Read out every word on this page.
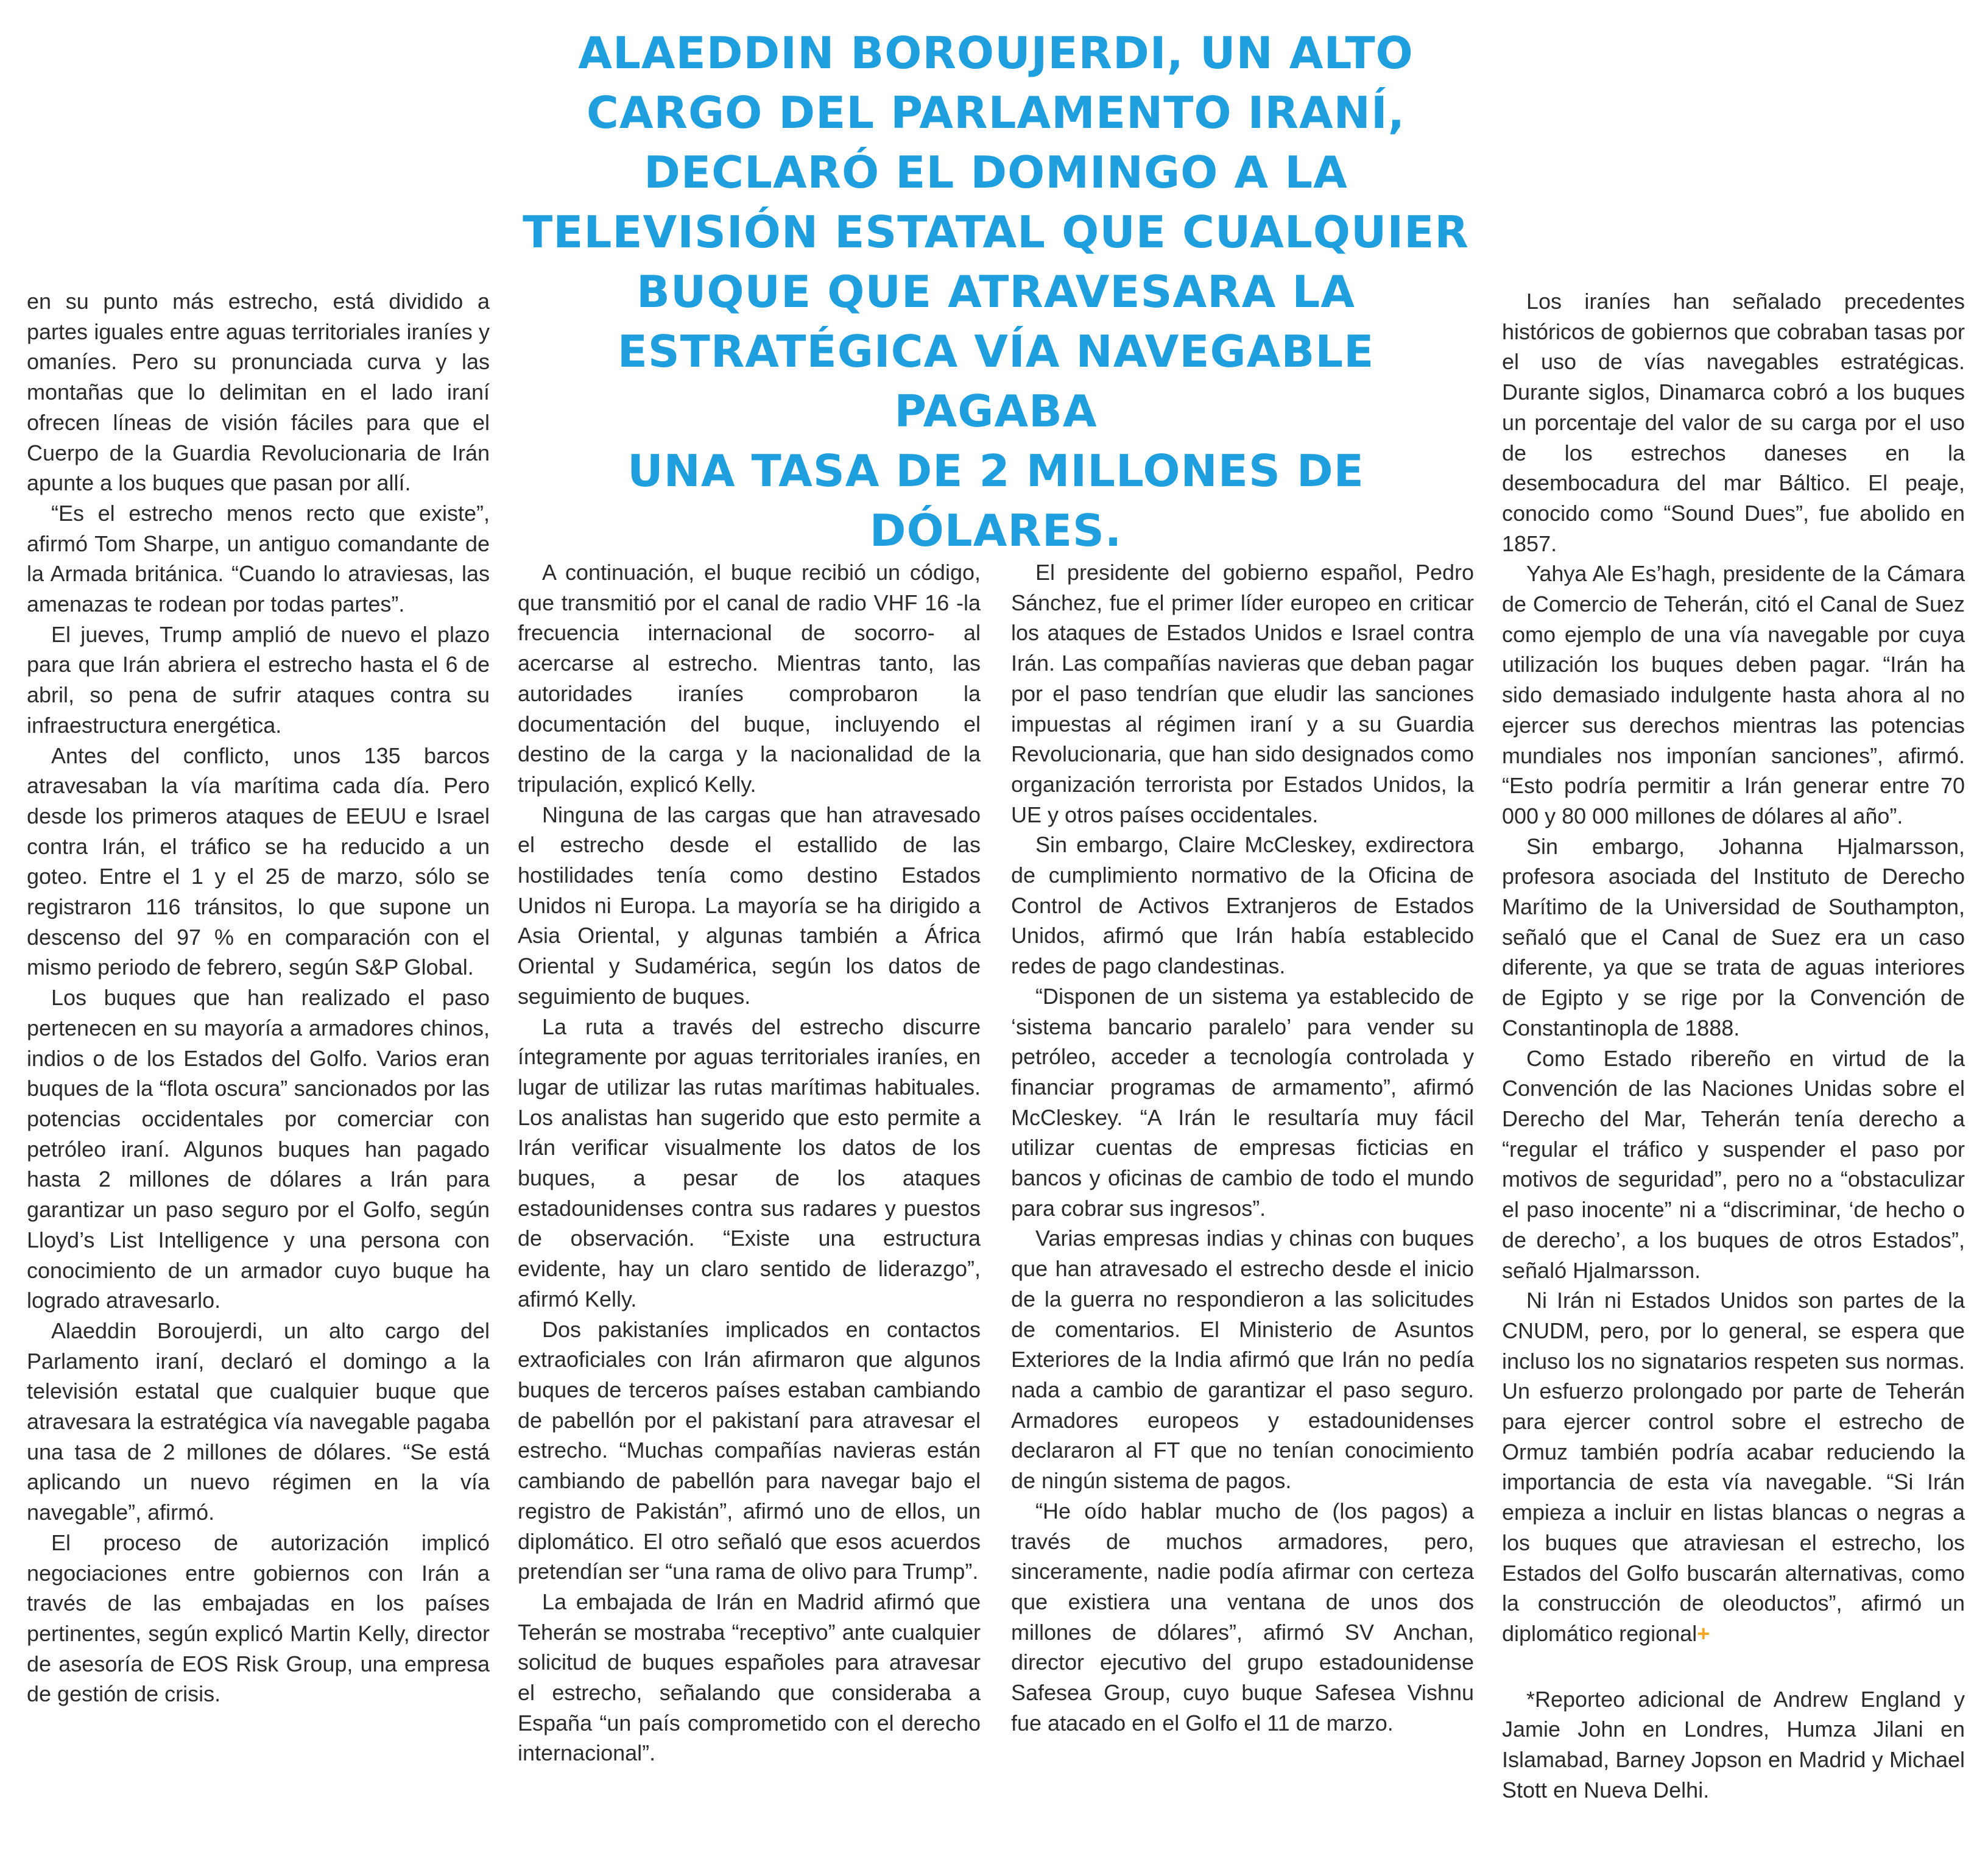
ALAEDDIN BOROUJERDI, UN ALTO

CARGO DEL PARLAMENTO IRANÍ,

DECLARÓ EL DOMINGO A LA

TELEVISIÓN ESTATAL QUE CUALQUIER

BUQUE QUE ATRAVESARA LA

ESTRATÉGICA VÍA NAVEGABLE PAGABA

UNA TASA DE 2 MILLONES DE DÓLARES.

en su punto más estrecho, está dividido a partes iguales entre aguas territoriales iraníes y omaníes. Pero su pronunciada curva y las montañas que lo delimitan en el lado iraní ofrecen líneas de visión fáciles para que el Cuerpo de la Guardia Revolucionaria de Irán apunte a los buques que pasan por allí.

“Es el estrecho menos recto que existe”, afirmó Tom Sharpe, un antiguo comandante de la Armada británica. “Cuando lo atraviesas, las amenazas te rodean por todas partes”.

El jueves, Trump amplió de nuevo el plazo para que Irán abriera el estrecho hasta el 6 de abril, so pena de sufrir ataques contra su infraestructura energética.

Antes del conflicto, unos 135 barcos atravesaban la vía marítima cada día. Pero desde los primeros ataques de EEUU e Israel contra Irán, el tráfico se ha reducido a un goteo. Entre el 1 y el 25 de marzo, sólo se registraron 116 tránsitos, lo que supone un descenso del 97 % en comparación con el mismo periodo de febrero, según S&P Global.

Los buques que han realizado el paso pertenecen en su mayoría a armadores chinos, indios o de los Estados del Golfo. Varios eran buques de la “flota oscura” sancionados por las potencias occidentales por comerciar con petróleo iraní. Algunos buques han pagado hasta 2 millones de dólares a Irán para garantizar un paso seguro por el Golfo, según Lloyd’s List Intelligence y una persona con conocimiento de un armador cuyo buque ha logrado atravesarlo.

Alaeddin Boroujerdi, un alto cargo del Parlamento iraní, declaró el domingo a la televisión estatal que cualquier buque que atravesara la estratégica vía navegable pagaba una tasa de 2 millones de dólares. “Se está aplicando un nuevo régimen en la vía navegable”, afirmó.

El proceso de autorización implicó negociaciones entre gobiernos con Irán a través de las embajadas en los países pertinentes, según explicó Martin Kelly, director de asesoría de EOS Risk Group, una empresa de gestión de crisis.

A continuación, el buque recibió un código, que transmitió por el canal de radio VHF 16 -la frecuencia internacional de socorro- al acercarse al estrecho. Mientras tanto, las autoridades iraníes comprobaron la documentación del buque, incluyendo el destino de la carga y la nacionalidad de la tripulación, explicó Kelly.

Ninguna de las cargas que han atravesado el estrecho desde el estallido de las hostilidades tenía como destino Estados Unidos ni Europa. La mayoría se ha dirigido a Asia Oriental, y algunas también a África Oriental y Sudamérica, según los datos de seguimiento de buques.

La ruta a través del estrecho discurre íntegramente por aguas territoriales iraníes, en lugar de utilizar las rutas marítimas habituales. Los analistas han sugerido que esto permite a Irán verificar visualmente los datos de los buques, a pesar de los ataques estadounidenses contra sus radares y puestos de observación. “Existe una estructura evidente, hay un claro sentido de liderazgo”, afirmó Kelly.

Dos pakistaníes implicados en contactos extraoficiales con Irán afirmaron que algunos buques de terceros países estaban cambiando de pabellón por el pakistaní para atravesar el estrecho. “Muchas compañías navieras están cambiando de pabellón para navegar bajo el registro de Pakistán”, afirmó uno de ellos, un diplomático. El otro señaló que esos acuerdos pretendían ser “una rama de olivo para Trump”.

La embajada de Irán en Madrid afirmó que Teherán se mostraba “receptivo” ante cualquier solicitud de buques españoles para atravesar el estrecho, señalando que consideraba a España “un país comprometido con el derecho internacional”.

El presidente del gobierno español, Pedro Sánchez, fue el primer líder europeo en criticar los ataques de Estados Unidos e Israel contra Irán. Las compañías navieras que deban pagar por el paso tendrían que eludir las sanciones impuestas al régimen iraní y a su Guardia Revolucionaria, que han sido designados como organización terrorista por Estados Unidos, la UE y otros países occidentales.

Sin embargo, Claire McCleskey, exdirectora de cumplimiento normativo de la Oficina de Control de Activos Extranjeros de Estados Unidos, afirmó que Irán había establecido redes de pago clandestinas.

“Disponen de un sistema ya establecido de ‘sistema bancario paralelo’ para vender su petróleo, acceder a tecnología controlada y financiar programas de armamento”, afirmó McCleskey. “A Irán le resultaría muy fácil utilizar cuentas de empresas ficticias en bancos y oficinas de cambio de todo el mundo para cobrar sus ingresos”.

Varias empresas indias y chinas con buques que han atravesado el estrecho desde el inicio de la guerra no respondieron a las solicitudes de comentarios. El Ministerio de Asuntos Exteriores de la India afirmó que Irán no pedía nada a cambio de garantizar el paso seguro. Armadores europeos y estadounidenses declararon al FT que no tenían conocimiento de ningún sistema de pagos.

“He oído hablar mucho de (los pagos) a través de muchos armadores, pero, sinceramente, nadie podía afirmar con certeza que existiera una ventana de unos dos millones de dólares”, afirmó SV Anchan, director ejecutivo del grupo estadounidense Safesea Group, cuyo buque Safesea Vishnu fue atacado en el Golfo el 11 de marzo.

Los iraníes han señalado precedentes históricos de gobiernos que cobraban tasas por el uso de vías navegables estratégicas. Durante siglos, Dinamarca cobró a los buques un porcentaje del valor de su carga por el uso de los estrechos daneses en la desembocadura del mar Báltico. El peaje, conocido como “Sound Dues”, fue abolido en 1857.

Yahya Ale Es’hagh, presidente de la Cámara de Comercio de Teherán, citó el Canal de Suez como ejemplo de una vía navegable por cuya utilización los buques deben pagar. “Irán ha sido demasiado indulgente hasta ahora al no ejercer sus derechos mientras las potencias mundiales nos imponían sanciones”, afirmó. “Esto podría permitir a Irán generar entre 70 000 y 80 000 millones de dólares al año”.

Sin embargo, Johanna Hjalmarsson, profesora asociada del Instituto de Derecho Marítimo de la Universidad de Southampton, señaló que el Canal de Suez era un caso diferente, ya que se trata de aguas interiores de Egipto y se rige por la Convención de Constantinopla de 1888.

Como Estado ribereño en virtud de la Convención de las Naciones Unidas sobre el Derecho del Mar, Teherán tenía derecho a “regular el tráfico y suspender el paso por motivos de seguridad”, pero no a “obstaculizar el paso inocente” ni a “discriminar, ‘de hecho o de derecho’, a los buques de otros Estados”, señaló Hjalmarsson.

Ni Irán ni Estados Unidos son partes de la CNUDM, pero, por lo general, se espera que incluso los no signatarios respeten sus normas. Un esfuerzo prolongado por parte de Teherán para ejercer control sobre el estrecho de Ormuz también podría acabar reduciendo la importancia de esta vía navegable. “Si Irán empieza a incluir en listas blancas o negras a los buques que atraviesan el estrecho, los Estados del Golfo buscarán alternativas, como la construcción de oleoductos”, afirmó un diplomático regional+

*Reporteo adicional de Andrew England y Jamie John en Londres, Humza Jilani en Islamabad, Barney Jopson en Madrid y Michael Stott en Nueva Delhi.
